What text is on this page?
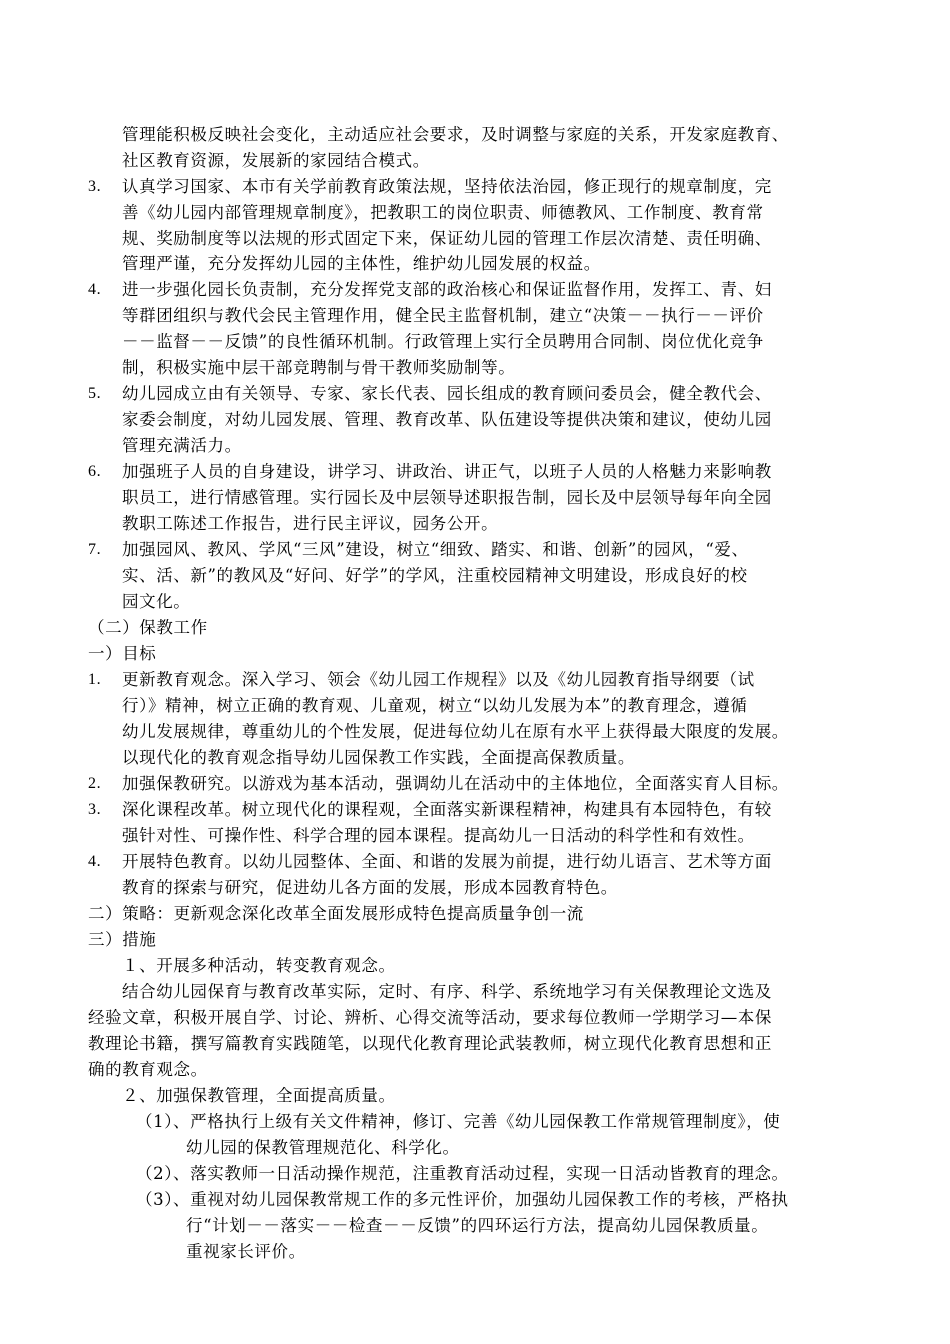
管理能积极反映社会变化，主动适应社会要求，及时调整与家庭的关系，开发家庭教育、
社区教育资源，发展新的家园结合模式。
3. 认真学习国家、本市有关学前教育政策法规，坚持依法治园，修正现行的规章制度，完
善《幼儿园内部管理规章制度》，把教职工的岗位职责、师德教风、工作制度、教育常
规、奖励制度等以法规的形式固定下来，保证幼儿园的管理工作层次清楚、责任明确、
管理严谨，充分发挥幼儿园的主体性，维护幼儿园发展的权益。
4. 进一步强化园长负责制，充分发挥党支部的政治核心和保证监督作用，发挥工、青、妇
等群团组织与教代会民主管理作用，健全民主监督机制，建立“决策－－执行－－评价
－－监督－－反馈”的良性循环机制。行政管理上实行全员聘用合同制、岗位优化竞争
制，积极实施中层干部竞聘制与骨干教师奖励制等。
5. 幼儿园成立由有关领导、专家、家长代表、园长组成的教育顾问委员会，健全教代会、
家委会制度，对幼儿园发展、管理、教育改革、队伍建设等提供决策和建议，使幼儿园
管理充满活力。
6. 加强班子人员的自身建设，讲学习、讲政治、讲正气，以班子人员的人格魅力来影响教
职员工，进行情感管理。实行园长及中层领导述职报告制，园长及中层领导每年向全园
教职工陈述工作报告，进行民主评议，园务公开。
7. 加强园风、教风、学风“三风”建设，树立“细致、踏实、和谐、创新”的园风，“爱、
实、活、新”的教风及“好问、好学”的学风，注重校园精神文明建设，形成良好的校
园文化。
（二）保教工作
一）目标
1. 更新教育观念。深入学习、领会《幼儿园工作规程》以及《幼儿园教育指导纲要（试
行）》精神，树立正确的教育观、儿童观，树立“以幼儿发展为本”的教育理念，遵循
幼儿发展规律，尊重幼儿的个性发展，促进每位幼儿在原有水平上获得最大限度的发展。
以现代化的教育观念指导幼儿园保教工作实践，全面提高保教质量。
2. 加强保教研究。以游戏为基本活动，强调幼儿在活动中的主体地位，全面落实育人目标。
3. 深化课程改革。树立现代化的课程观，全面落实新课程精神，构建具有本园特色，有较
强针对性、可操作性、科学合理的园本课程。提高幼儿一日活动的科学性和有效性。
4. 开展特色教育。以幼儿园整体、全面、和谐的发展为前提，进行幼儿语言、艺术等方面
教育的探索与研究，促进幼儿各方面的发展，形成本园教育特色。
二）策略：更新观念深化改革全面发展形成特色提高质量争创一流
三）措施
１、开展多种活动，转变教育观念。
结合幼儿园保育与教育改革实际，定时、有序、科学、系统地学习有关保教理论文选及
经验文章，积极开展自学、讨论、辨析、心得交流等活动，要求每位教师一学期学习—本保
教理论书籍，撰写篇教育实践随笔，以现代化教育理论武装教师，树立现代化教育思想和正
确的教育观念。
２、加强保教管理，全面提高质量。
（1）、严格执行上级有关文件精神，修订、完善《幼儿园保教工作常规管理制度》，使
幼儿园的保教管理规范化、科学化。
（2）、落实教师一日活动操作规范，注重教育活动过程，实现一日活动皆教育的理念。
（3）、重视对幼儿园保教常规工作的多元性评价，加强幼儿园保教工作的考核，严格执
行“计划－－落实－－检查－－反馈”的四环运行方法，提高幼儿园保教质量。
重视家长评价。
